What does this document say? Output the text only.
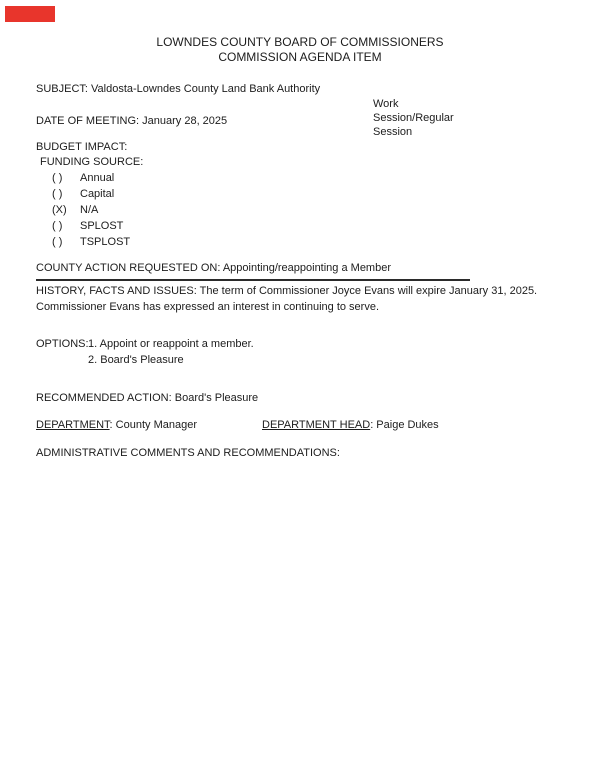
LOWNDES COUNTY BOARD OF COMMISSIONERS
COMMISSION AGENDA ITEM
SUBJECT: Valdosta-Lowndes County Land Bank Authority
Work Session/Regular Session
DATE OF MEETING: January 28, 2025
BUDGET IMPACT:
FUNDING SOURCE:
( ) Annual
( ) Capital
(X) N/A
( ) SPLOST
( ) TSPLOST
COUNTY ACTION REQUESTED ON: Appointing/reappointing a Member
HISTORY, FACTS AND ISSUES: The term of Commissioner Joyce Evans will expire January 31, 2025. Commissioner Evans has expressed an interest in continuing to serve.
OPTIONS: 1. Appoint or reappoint a member.
2. Board's Pleasure
RECOMMENDED ACTION: Board's Pleasure
DEPARTMENT: County Manager	DEPARTMENT HEAD: Paige Dukes
ADMINISTRATIVE COMMENTS AND RECOMMENDATIONS:
